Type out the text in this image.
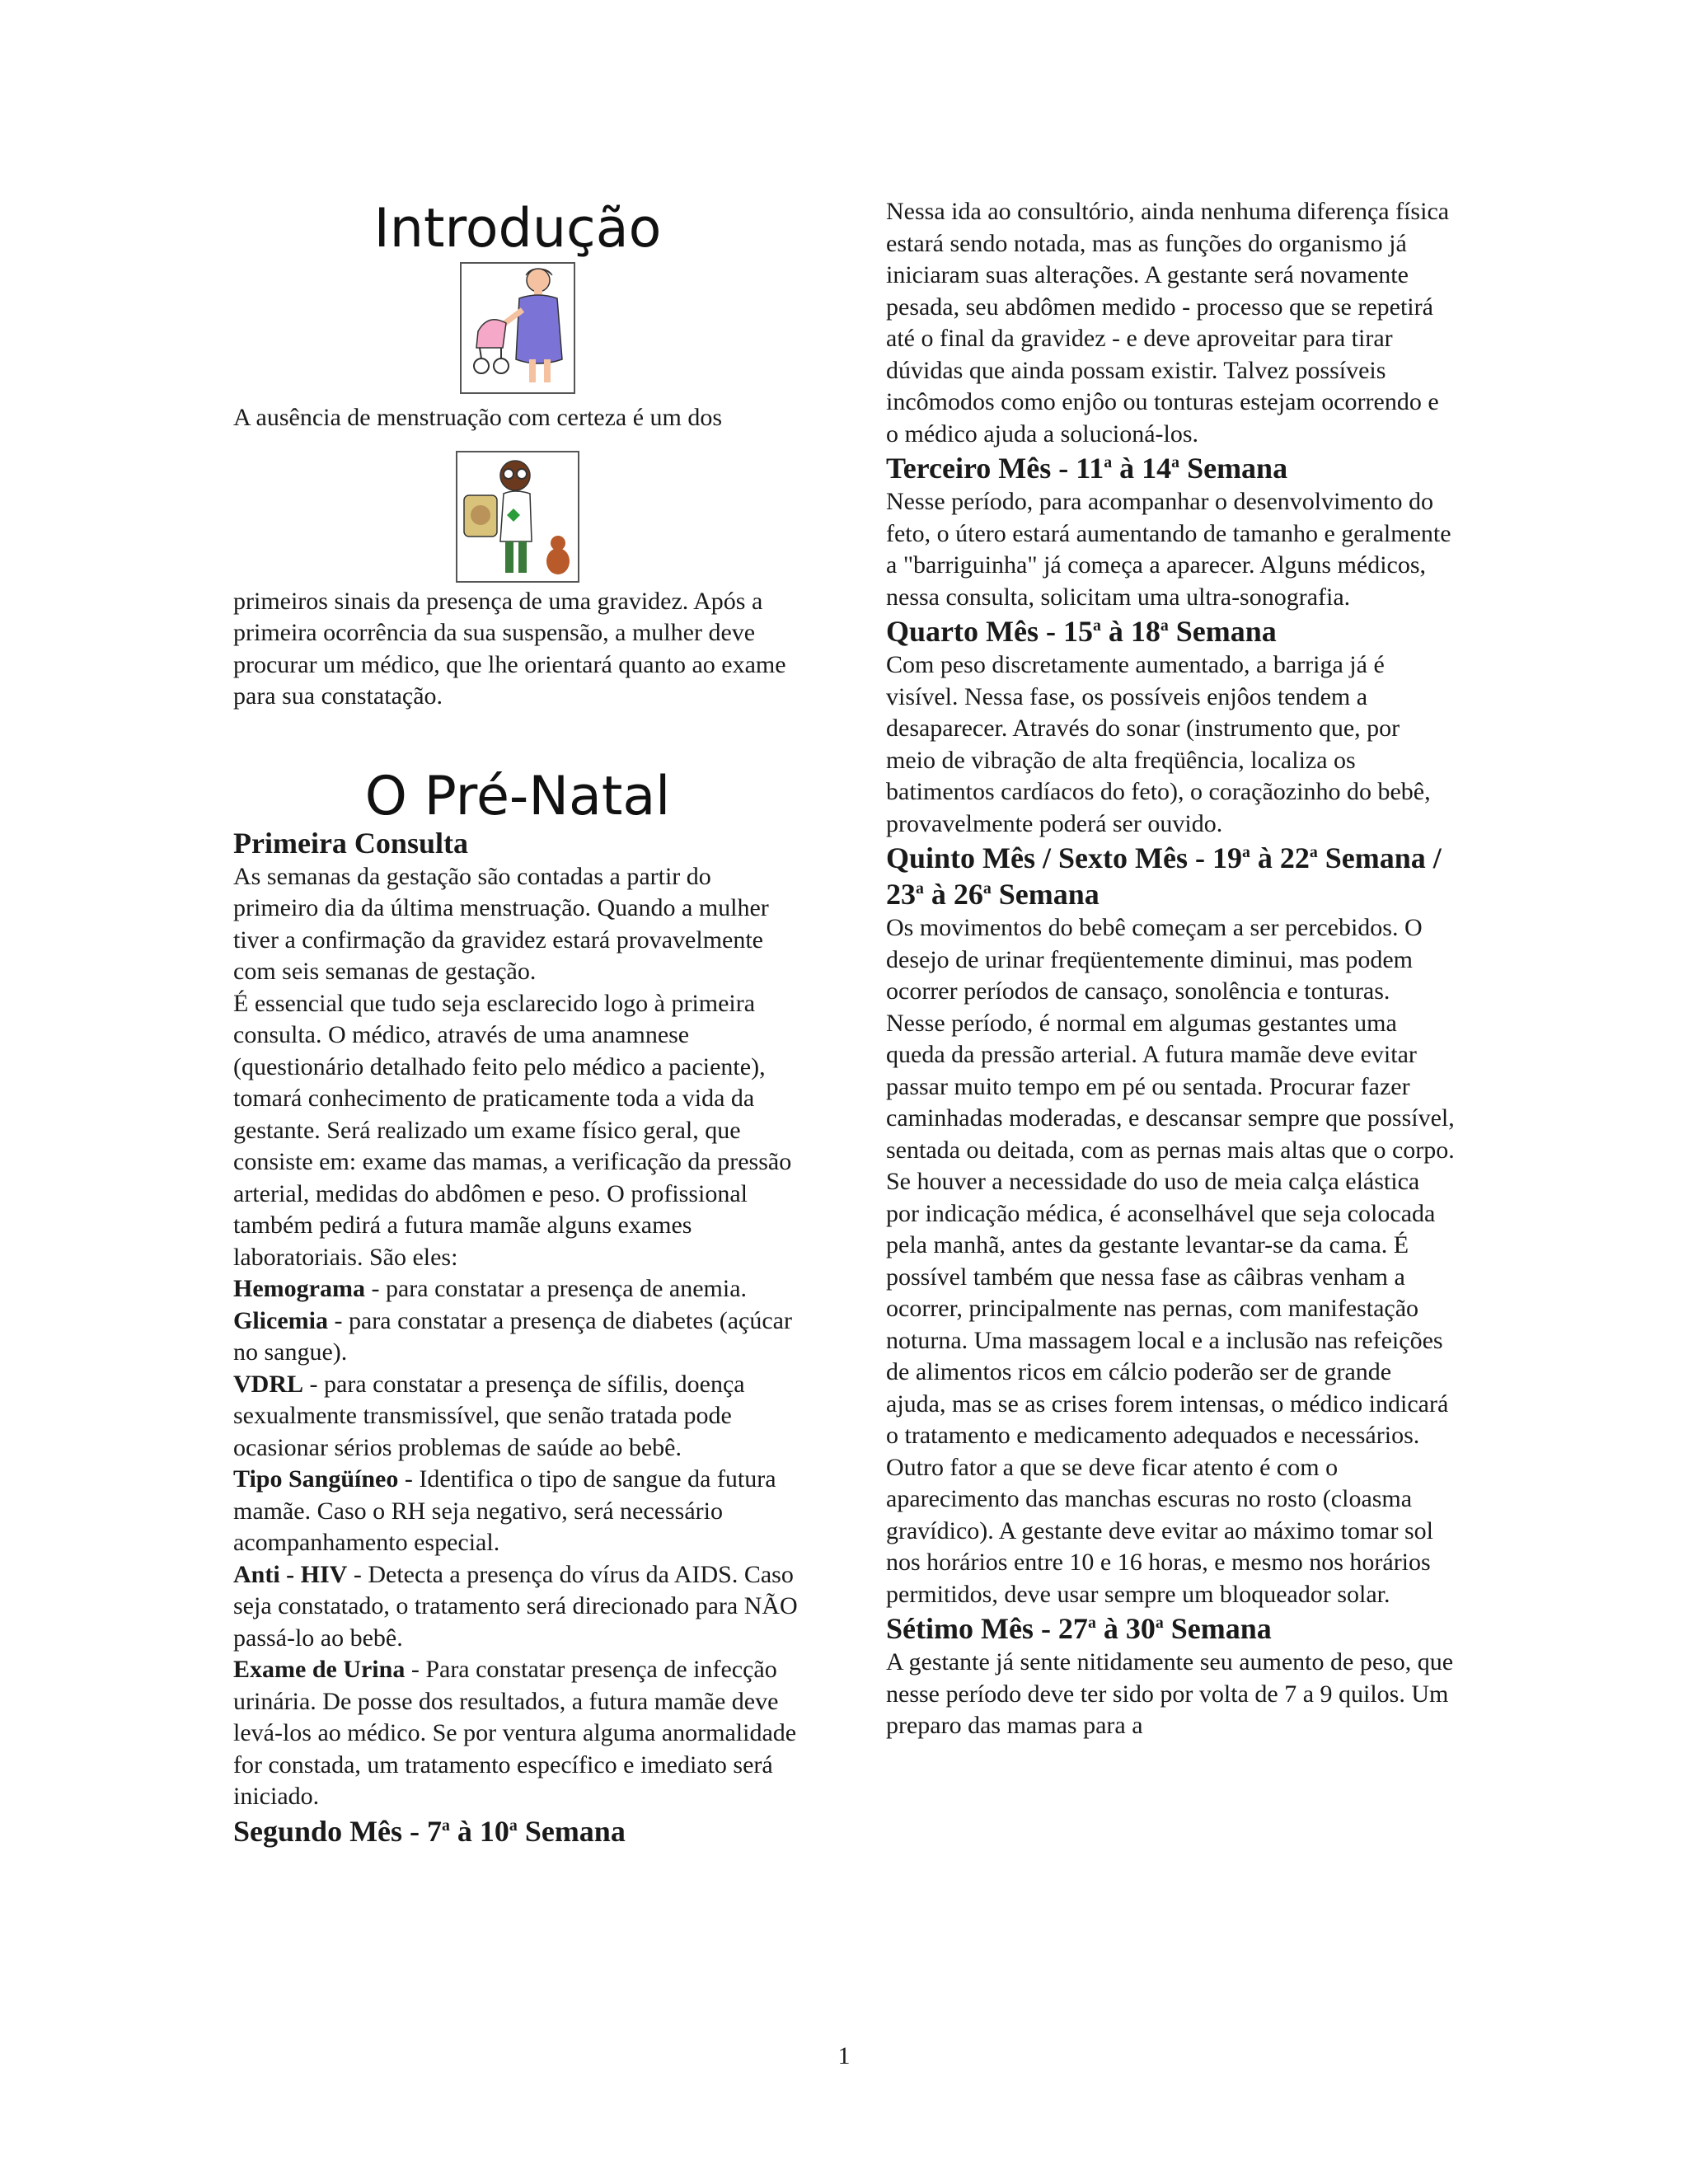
Introdução

A ausência de menstruação com certeza é um dos

primeiros sinais da presença de uma gravidez. Após a primeira ocorrência da sua suspensão, a mulher deve procurar um médico, que lhe orientará quanto ao exame para sua constatação.

O Pré-Natal
Primeira Consulta

As semanas da gestação são contadas a partir do primeiro dia da última menstruação. Quando a mulher tiver a confirmação da gravidez estará provavelmente com seis semanas de gestação.

É essencial que tudo seja esclarecido logo à primeira consulta. O médico, através de uma anamnese (questionário detalhado feito pelo médico a paciente), tomará conhecimento de praticamente toda a vida da gestante. Será realizado um exame físico geral, que consiste em: exame das mamas, a verificação da pressão arterial, medidas do abdômen e peso. O profissional também pedirá a futura mamãe alguns exames laboratoriais. São eles:

Hemograma - para constatar a presença de anemia.

Glicemia - para constatar a presença de diabetes (açúcar no sangue).

VDRL - para constatar a presença de sífilis, doença sexualmente transmissível, que senão tratada pode ocasionar sérios problemas de saúde ao bebê.

Tipo Sangüíneo - Identifica o tipo de sangue da futura mamãe. Caso o RH seja negativo, será necessário acompanhamento especial.

Anti - HIV - Detecta a presença do vírus da AIDS. Caso seja constatado, o tratamento será direcionado para NÃO passá-lo ao bebê.

Exame de Urina - Para constatar presença de infecção urinária. De posse dos resultados, a futura mamãe deve levá-los ao médico. Se por ventura alguma anormalidade for constada, um tratamento específico e imediato será iniciado.

Segundo Mês - 7$^a$ à 10$^a$ Semana

Nessa ida ao consultório, ainda nenhuma diferença física estará sendo notada, mas as funções do organismo já iniciaram suas alterações. A gestante será novamente pesada, seu abdômen medido - processo que se repetirá até o final da gravidez - e deve aproveitar para tirar dúvidas que ainda possam existir. Talvez possíveis incômodos como enjôo ou tonturas estejam ocorrendo e o médico ajuda a solucioná-los.

Terceiro Mês - 11$^a$ à 14$^a$ Semana

Nesse período, para acompanhar o desenvolvimento do feto, o útero estará aumentando de tamanho e geralmente a "barriguinha" já começa a aparecer. Alguns médicos, nessa consulta, solicitam uma ultra-sonografia.

Quarto Mês - 15$^a$ à 18$^a$ Semana

Com peso discretamente aumentado, a barriga já é visível. Nessa fase, os possíveis enjôos tendem a desaparecer. Através do sonar (instrumento que, por meio de vibração de alta freqüência, localiza os batimentos cardíacos do feto), o coraçãozinho do bebê, provavelmente poderá ser ouvido.

Quinto Mês / Sexto Mês - 19$^a$ à 22$^a$ Semana / 23$^a$ à 26$^a$ Semana

Os movimentos do bebê começam a ser percebidos. O desejo de urinar freqüentemente diminui, mas podem ocorrer períodos de cansaço, sonolência e tonturas. Nesse período, é normal em algumas gestantes uma queda da pressão arterial. A futura mamãe deve evitar passar muito tempo em pé ou sentada. Procurar fazer caminhadas moderadas, e descansar sempre que possível, sentada ou deitada, com as pernas mais altas que o corpo. Se houver a necessidade do uso de meia calça elástica por indicação médica, é aconselhável que seja colocada pela manhã, antes da gestante levantar-se da cama. É possível também que nessa fase as câibras venham a ocorrer, principalmente nas pernas, com manifestação noturna. Uma massagem local e a inclusão nas refeições de alimentos ricos em cálcio poderão ser de grande ajuda, mas se as crises forem intensas, o médico indicará o tratamento e medicamento adequados e necessários. Outro fator a que se deve ficar atento é com o aparecimento das manchas escuras no rosto (cloasma gravídico). A gestante deve evitar ao máximo tomar sol nos horários entre 10 e 16 horas, e mesmo nos horários permitidos, deve usar sempre um bloqueador solar.

Sétimo Mês - 27$^a$ à 30$^a$ Semana

A gestante já sente nitidamente seu aumento de peso, que nesse período deve ter sido por volta de 7 a 9 quilos. Um preparo das mamas para a

1
